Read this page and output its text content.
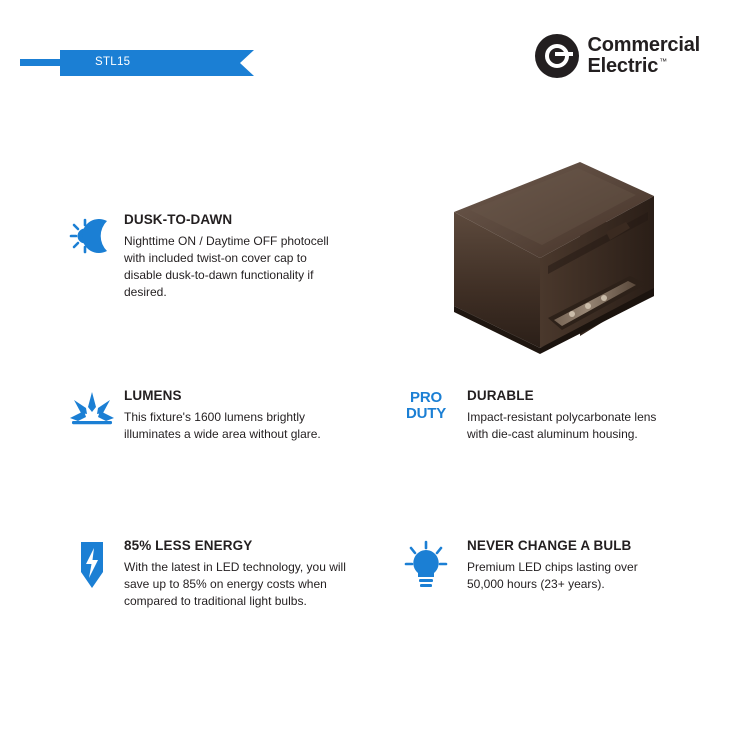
STL15
Commercial
Electric™

DUSK-TO-DAWN

Nighttime ON / Daytime OFF photocell with included twist-on cover cap to disable dusk-to-dawn functionality if desired.

LUMENS

This fixture's 1600 lumens brightly illuminates a wide area without glare.

PRO
DUTY

DURABLE

Impact-resistant polycarbonate lens with die-cast aluminum housing.

85% LESS ENERGY

With the latest in LED technology, you will save up to 85% on energy costs when compared to traditional light bulbs.

NEVER CHANGE A BULB

Premium LED chips lasting over 50,000 hours (23+ years).
